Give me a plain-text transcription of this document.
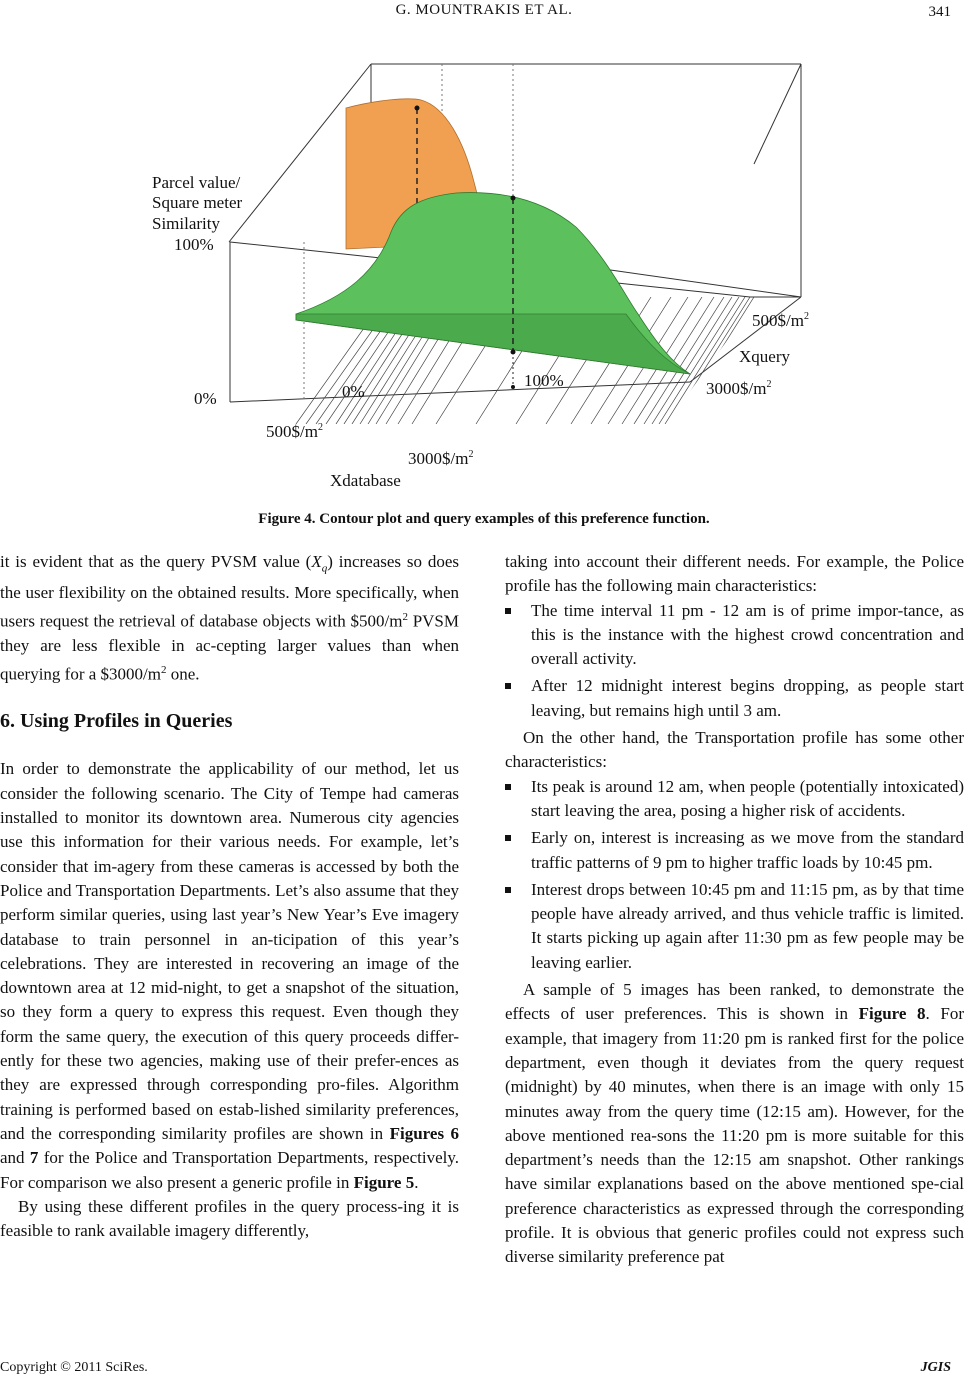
G. MOUNTRAKIS ET AL.	341
Parcel value/
Square meter
Similarity
100%
0%	0%
100%
$500\$/m^2$
Xquery
$3000\$/m^2$
$500\$/m^2$
$3000\$/m^2$
Xdatabase
Figure 4. Contour plot and query examples of this preference function.

it is evident that as the query PVSM value $(X_q)$ increases so does the user flexibility on the obtained results. More specifically, when users request the retrieval of database objects with $\$500/m^2$ PVSM they are less flexible in ac-cepting larger values than when querying for a $\$3000/m^2$ one.

6. Using Profiles in Queries

In order to demonstrate the applicability of our method, let us consider the following scenario. The City of Tempe had cameras installed to monitor its downtown area. Numerous city agencies use this information for their various needs. For example, let’s consider that im-agery from these cameras is accessed by both the Police and Transportation Departments. Let’s also assume that they perform similar queries, using last year’s New Year’s Eve imagery database to train personnel in an-ticipation of this year’s celebrations. They are interested in recovering an image of the downtown area at 12 mid-night, to get a snapshot of the situation, so they form a query to express this request. Even though they form the same query, the execution of this query proceeds differ-ently for these two agencies, making use of their prefer-ences as they are expressed through corresponding pro-files. Algorithm training is performed based on estab-lished similarity preferences, and the corresponding similarity profiles are shown in Figures 6 and 7 for the Police and Transportation Departments, respectively. For comparison we also present a generic profile in Figure 5.

By using these different profiles in the query process-ing it is feasible to rank available imagery differently,

taking into account their different needs. For example, the Police profile has the following main characteristics:

The time interval 11 pm - 12 am is of prime impor-tance, as this is the instance with the highest crowd concentration and overall activity.
After 12 midnight interest begins dropping, as people start leaving, but remains high until 3 am.

On the other hand, the Transportation profile has some other characteristics:

Its peak is around 12 am, when people (potentially intoxicated) start leaving the area, posing a higher risk of accidents.
Early on, interest is increasing as we move from the standard traffic patterns of 9 pm to higher traffic loads by 10:45 pm.
Interest drops between 10:45 pm and 11:15 pm, as by that time people have already arrived, and thus vehicle traffic is limited. It starts picking up again after 11:30 pm as few people may be leaving earlier.

A sample of 5 images has been ranked, to demonstrate the effects of user preferences. This is shown in Figure 8. For example, that imagery from 11:20 pm is ranked first for the police department, even though it deviates from the query request (midnight) by 40 minutes, when there is an image with only 15 minutes away from the query time (12:15 am). However, for the above mentioned rea-sons the 11:20 pm is more suitable for this department’s needs than the 12:15 am snapshot. Other rankings have similar explanations based on the above mentioned spe-cial preference characteristics as expressed through the corresponding profile. It is obvious that generic profiles could not express such diverse similarity preference pat

Copyright © 2011 SciRes.	JGIS
